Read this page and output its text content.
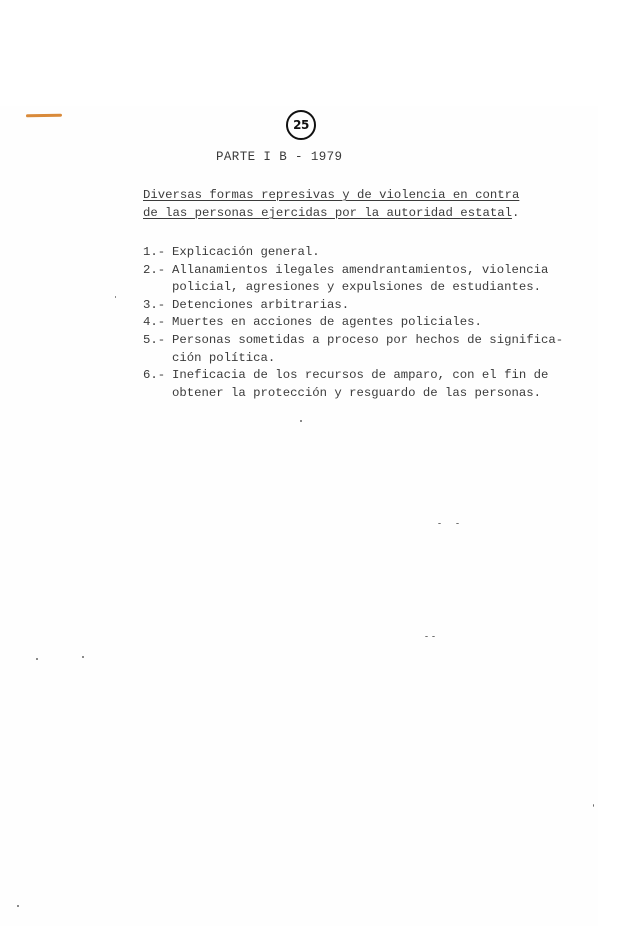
25
PARTE I B - 1979
Diversas formas represivas y de violencia en contra
de las personas ejercidas por la autoridad estatal.
1.- Explicación general.
2.- Allanamientos ilegales amendrantamientos, violencia
policial, agresiones y expulsiones de estudiantes.
3.- Detenciones arbitrarias.
4.- Muertes en acciones de agentes policiales.
5.- Personas sometidas a proceso por hechos de significa-
ción política.
6.- Ineficacia de los recursos de amparo, con el fin de
obtener la protección y resguardo de las personas.
